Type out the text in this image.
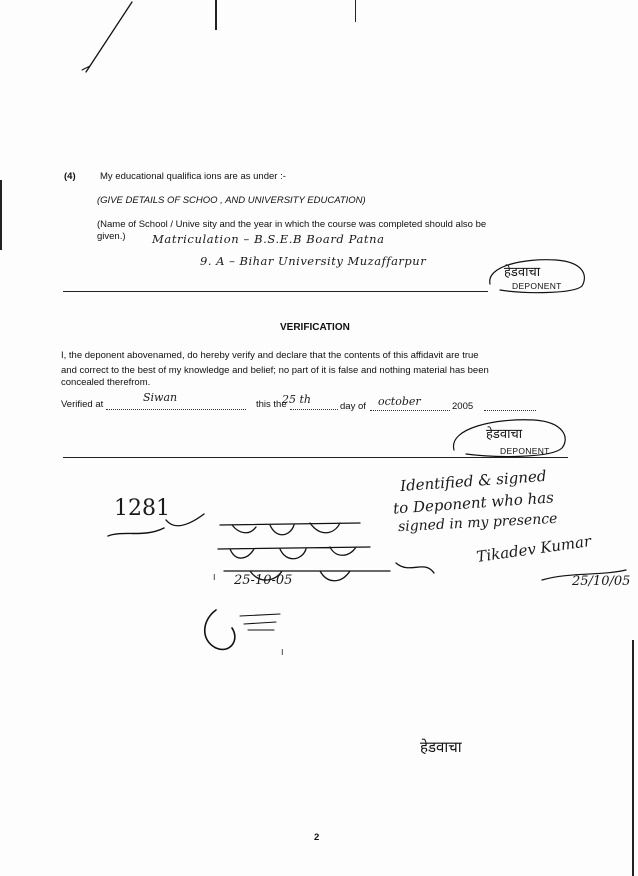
(4)	My educational qualifica ions are as under :-
(GIVE DETAILS OF SCHOO , AND UNIVERSITY EDUCATION)
(Name of School / Unive sity and the year in which the course was completed should also be
given.) Matriculation – B.S.E.B Board Patna
9. A – Bihar University Muzaffarpur
हेडवाचा
DEPONENT
VERIFICATION
I, the deponent abovenamed, do hereby verify and declare that the contents of this affidavit are true
and correct to the best of my knowledge and belief; no part of it is false and nothing material has been
concealed therefrom.
Verified at
Siwan
this the
25 th
day of october	2005
हेडवाचा
DEPONENT
1281
Identified & signed
to Deponent who has
signed in my presence
25-10-05
Tikadev Kumar
25/10/05
।
।
हेडवाचा
2
